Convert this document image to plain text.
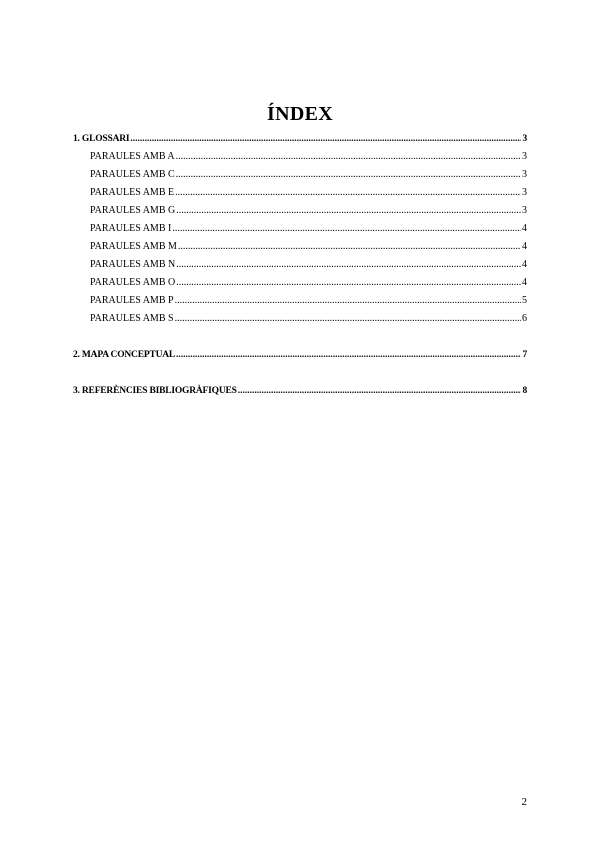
ÍNDEX
1. GLOSSARI .....	3
PARAULES AMB A .....	3
PARAULES AMB C .....	3
PARAULES AMB E .....	3
PARAULES AMB G .....	3
PARAULES AMB I .....	4
PARAULES AMB M .....	4
PARAULES AMB N .....	4
PARAULES AMB O .....	4
PARAULES AMB P .....	5
PARAULES AMB S .....	6
2. MAPA CONCEPTUAL .....	7
3. REFERÈNCIES BIBLIOGRÀFIQUES .....	8
2
